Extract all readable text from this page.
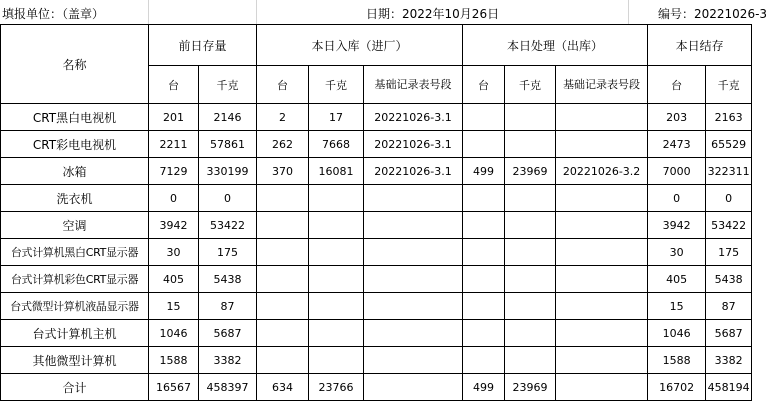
填报单位：（盖章）	日期：2022年10月26日	编号：20221026-3
名称	前日存量		本日入库（进厂）			本日处理（出库）			本日结存	
	台	千克	台	千克	基础记录表号段	台	千克	基础记录表号段	台	千克
CRT黑白电视机	201	2146	2	17	20221026-3.1				203	2163
CRT彩电电视机	2211	57861	262	7668	20221026-3.1				2473	65529
冰箱	7129	330199	370	16081	20221026-3.1	499	23969	20221026-3.2	7000	322311
洗衣机	0	0							0	0
空调	3942	53422							3942	53422
台式计算机黑白CRT显示器	30	175							30	175
台式计算机彩色CRT显示器	405	5438							405	5438
台式微型计算机液晶显示器	15	87							15	87
台式计算机主机	1046	5687							1046	5687
其他微型计算机	1588	3382							1588	3382
合计	16567	458397	634	23766		499	23969		16702	458194
